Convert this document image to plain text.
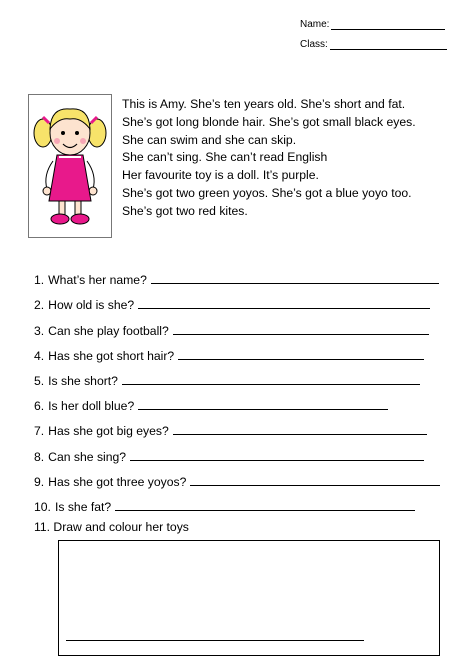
Name:
Class:
This is Amy. She’s ten years old. She’s short and fat.
She’s got long blonde hair. She’s got small black eyes.
She can swim and she can skip.
She can’t sing. She can’t read English
Her favourite toy is a doll. It’s purple.
She’s got two green yoyos. She’s got a blue yoyo too.
She’s got two red kites.
1. What’s her name?
2. How old is she?
3. Can she play football?
4. Has she got short hair?
5. Is she short?
6. Is her doll blue?
7. Has she got big eyes?
8. Can she sing?
9. Has she got three yoyos?
10. Is she fat?
11. Draw and colour her toys
